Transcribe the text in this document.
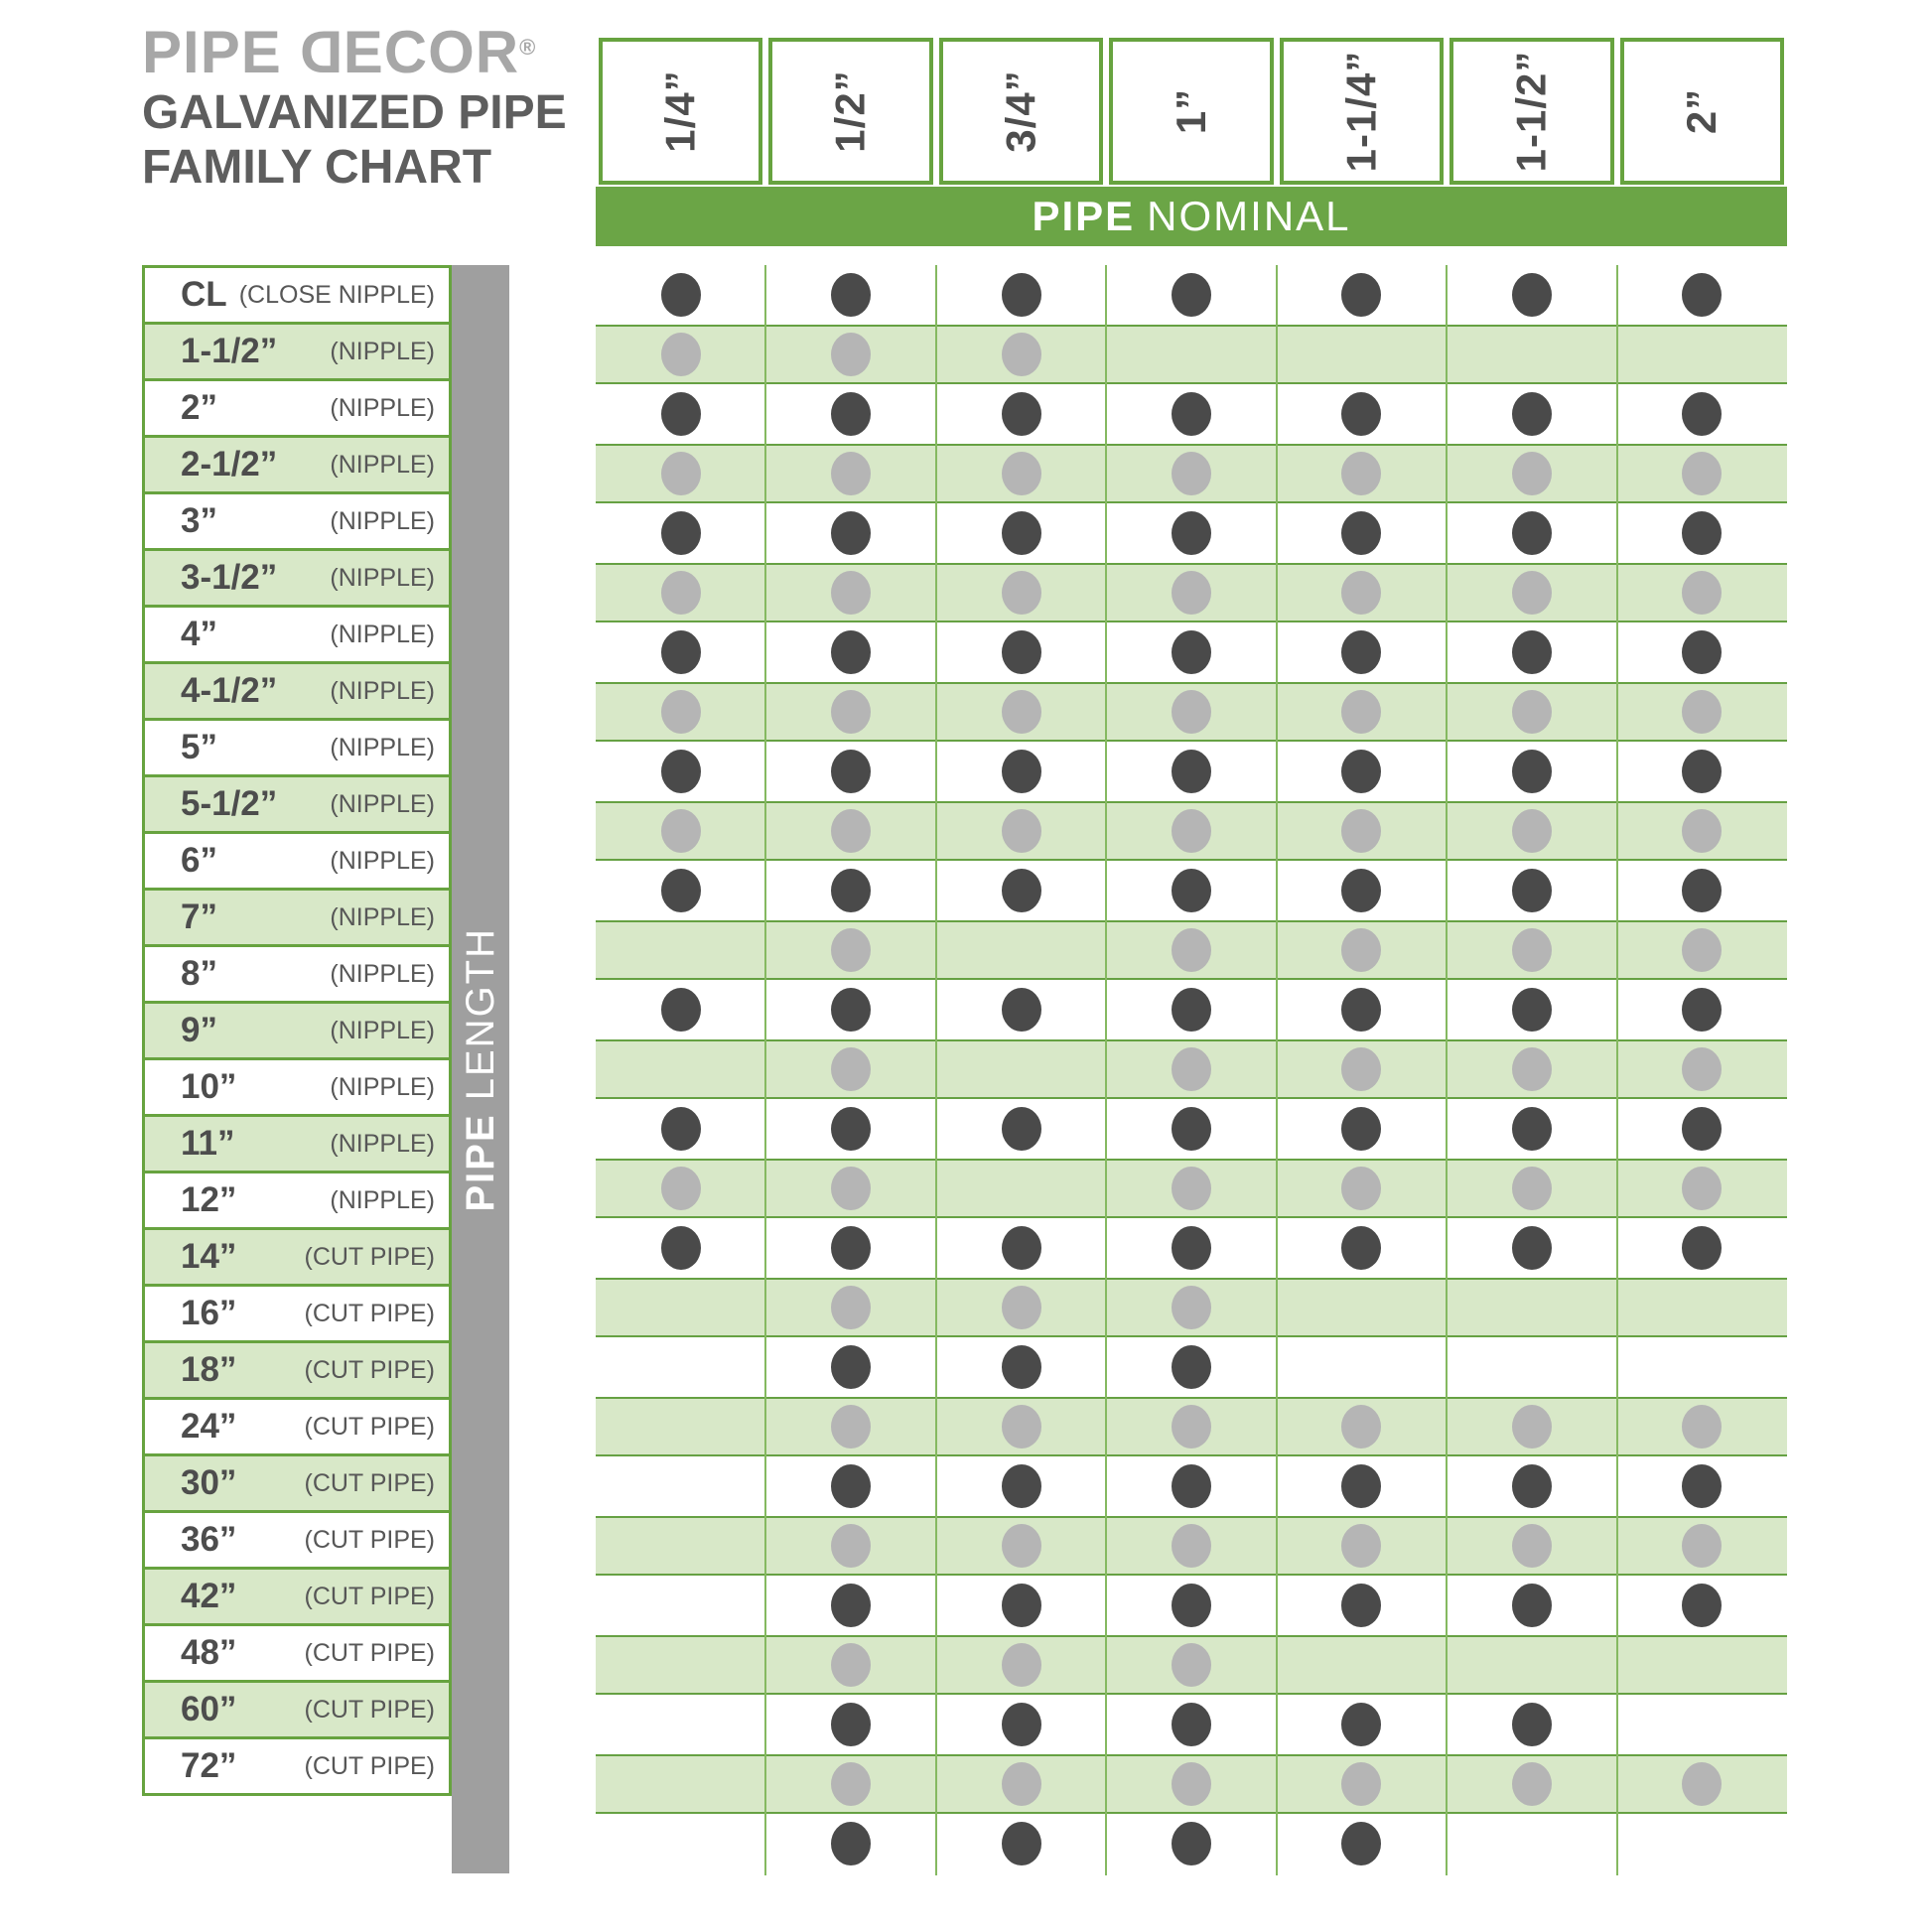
PIPE DECOR®
GALVANIZED PIPE
FAMILY CHART
1/4”	1/2”	3/4”	1”	1-1/4”	1-1/2”	2”
PIPE NOMINAL
CL (CLOSE NIPPLE)
1-1/2” (NIPPLE)
2”	(NIPPLE)
2-1/2” (NIPPLE)
3”	(NIPPLE)
3-1/2” (NIPPLE)
4”	(NIPPLE)
4-1/2” (NIPPLE)
5”	(NIPPLE)
5-1/2” (NIPPLE)
6”	(NIPPLE)
7”	(NIPPLE)
8”	(NIPPLE)
9”	(NIPPLE)
10”	(NIPPLE)
11”	(NIPPLE)
12”	(NIPPLE)
14”	(CUT PIPE)
16”	(CUT PIPE)
18”	(CUT PIPE)
24”	(CUT PIPE)
30”	(CUT PIPE)
36”	(CUT PIPE)
42”	(CUT PIPE)
48”	(CUT PIPE)
60”	(CUT PIPE)
72”	(CUT PIPE)
PIPE LENGTH
